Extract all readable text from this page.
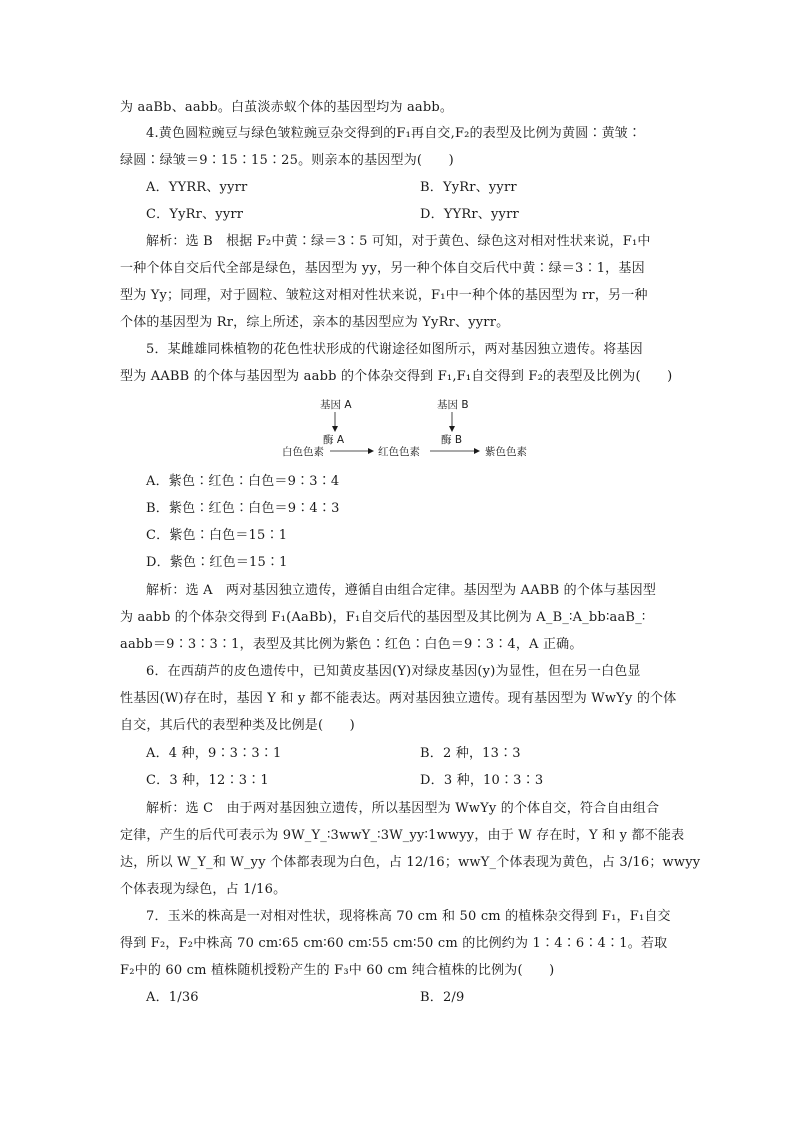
为 aaBb、aabb。白茧淡赤蚁个体的基因型均为 aabb。
4.黄色圆粒豌豆与绿色皱粒豌豆杂交得到的F₁再自交,F₂的表型及比例为黄圆∶黄皱∶
绿圆∶绿皱＝9∶15∶15∶25。则亲本的基因型为(　　)
A．YYRR、yyrr	B．YyRr、yyrr
C．YyRr、yyrr	D．YYRr、yyrr
解析：选 B　根据 F₂中黄∶绿＝3∶5 可知，对于黄色、绿色这对相对性状来说，F₁中
一种个体自交后代全部是绿色，基因型为 yy，另一种个体自交后代中黄∶绿＝3∶1，基因
型为 Yy；同理，对于圆粒、皱粒这对相对性状来说，F₁中一种个体的基因型为 rr，另一种
个体的基因型为 Rr，综上所述，亲本的基因型应为 YyRr、yyrr。
5．某雌雄同株植物的花色性状形成的代谢途径如图所示，两对基因独立遗传。将基因
型为 AABB 的个体与基因型为 aabb 的个体杂交得到 F₁,F₁自交得到 F₂的表型及比例为(　　)
基因 A	基因 B
酶 A	酶 B
白色色素	红色色素	紫色色素
A．紫色∶红色∶白色＝9∶3∶4
B．紫色∶红色∶白色＝9∶4∶3
C．紫色∶白色＝15∶1
D．紫色∶红色＝15∶1
解析：选 A　两对基因独立遗传，遵循自由组合定律。基因型为 AABB 的个体与基因型
为 aabb 的个体杂交得到 F₁(AaBb)，F₁自交后代的基因型及其比例为 A_B_∶A_bb∶aaB_∶
aabb＝9∶3∶3∶1，表型及其比例为紫色∶红色∶白色＝9∶3∶4，A 正确。
6．在西葫芦的皮色遗传中，已知黄皮基因(Y)对绿皮基因(y)为显性，但在另一白色显
性基因(W)存在时，基因 Y 和 y 都不能表达。两对基因独立遗传。现有基因型为 WwYy 的个体
自交，其后代的表型种类及比例是(　　)
A．4 种，9∶3∶3∶1	B．2 种，13∶3
C．3 种，12∶3∶1	D．3 种，10∶3∶3
解析：选 C　由于两对基因独立遗传，所以基因型为 WwYy 的个体自交，符合自由组合
定律，产生的后代可表示为 9W_Y_∶3wwY_∶3W_yy∶1wwyy，由于 W 存在时，Y 和 y 都不能表
达，所以 W_Y_和 W_yy 个体都表现为白色，占 12/16；wwY_个体表现为黄色，占 3/16；wwyy
个体表现为绿色，占 1/16。
7．玉米的株高是一对相对性状，现将株高 70 cm 和 50 cm 的植株杂交得到 F₁，F₁自交
得到 F₂，F₂中株高 70 cm∶65 cm∶60 cm∶55 cm∶50 cm 的比例约为 1∶4∶6∶4∶1。若取
F₂中的 60 cm 植株随机授粉产生的 F₃中 60 cm 纯合植株的比例为(　　)
A．1/36	B．2/9
